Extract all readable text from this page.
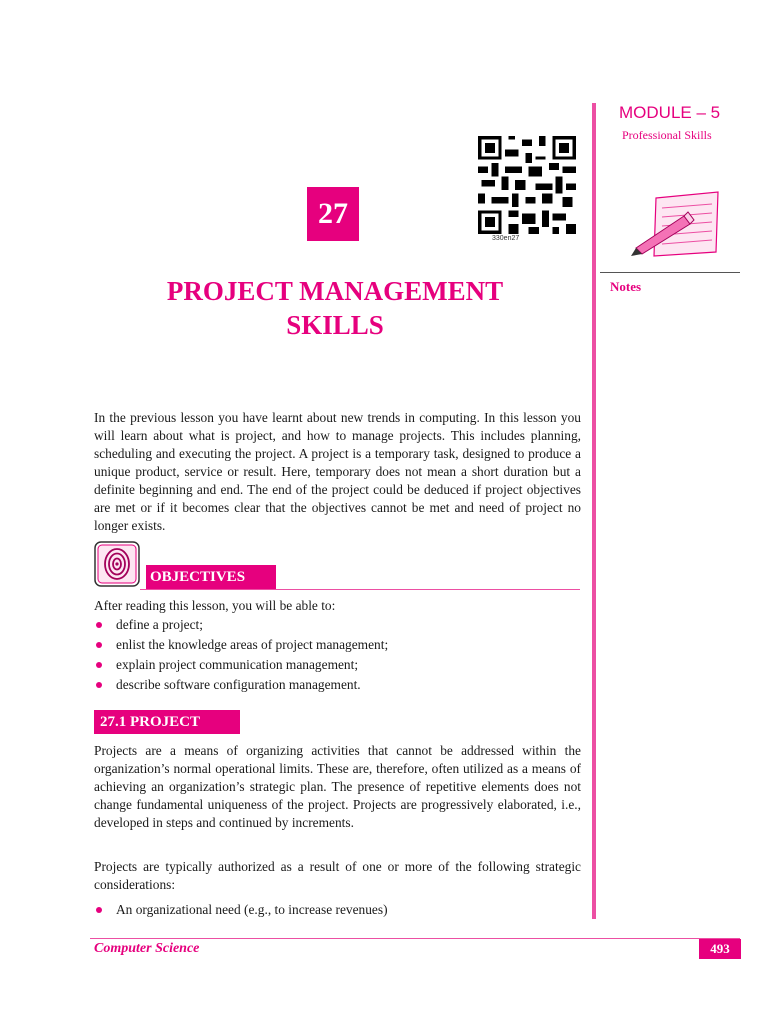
MODULE – 5
Professional Skills
Notes
330en27
27
PROJECT MANAGEMENT
SKILLS
In the previous lesson you have learnt about new trends in computing. In this lesson you will learn about what is project, and how to manage projects. This includes planning, scheduling and executing the project. A project is a temporary task, designed to produce a unique product, service or result. Here, temporary does not mean a short duration but a definite beginning and end. The end of the project could be deduced if project objectives are met or if it becomes clear that the objectives cannot be met and need of project no longer exists.
OBJECTIVES
After reading this lesson, you will be able to:
define a project;
enlist the knowledge areas of project management;
explain project communication management;
describe software configuration management.
27.1 PROJECT
Projects are a means of organizing activities that cannot be addressed within the organization’s normal operational limits. These are, therefore, often utilized as a means of achieving an organization’s strategic plan. The presence of repetitive elements does not change fundamental uniqueness of the project. Projects are progressively elaborated, i.e., developed in steps and continued by increments.
Projects are typically authorized as a result of one or more of the following strategic considerations:
An organizational need (e.g., to increase revenues)
Computer Science	493
